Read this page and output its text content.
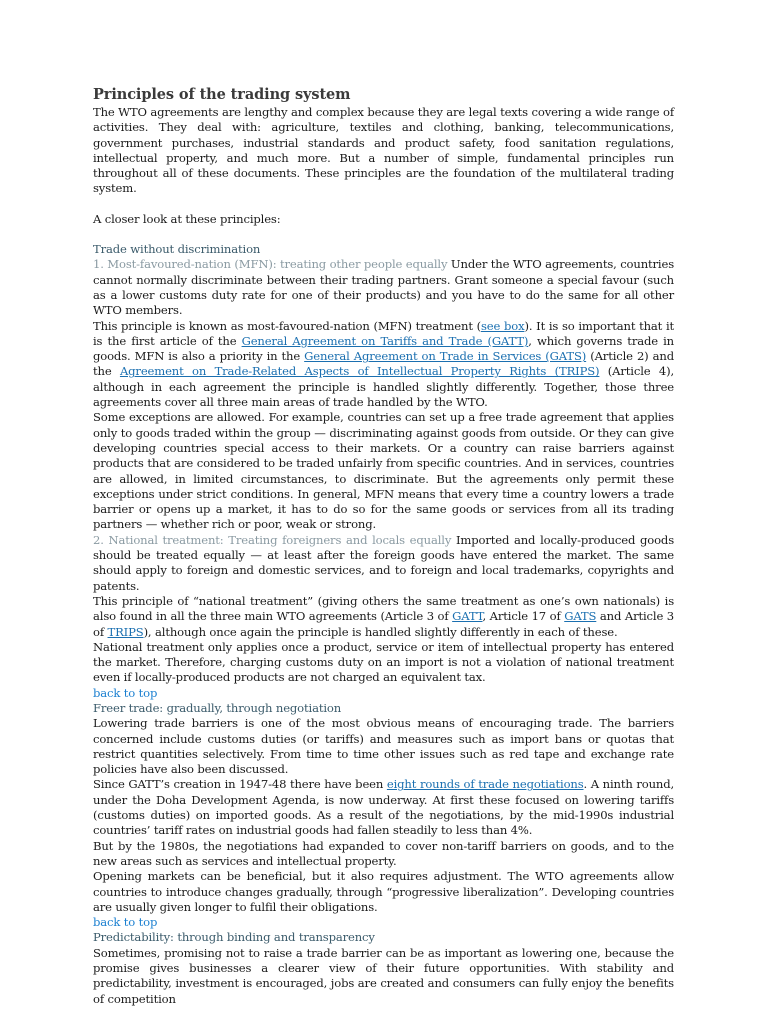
Principles of the trading system

The WTO agreements are lengthy and complex because they are legal texts covering a wide range of activities. They deal with: agriculture, textiles and clothing, banking, telecommunications, government purchases, industrial standards and product safety, food sanitation regulations, intellectual property, and much more. But a number of simple, fundamental principles run throughout all of these documents. These principles are the foundation of the multilateral trading system.

A closer look at these principles:

Trade without discrimination

1. Most-favoured-nation (MFN): treating other people equally Under the WTO agreements, countries cannot normally discriminate between their trading partners. Grant someone a special favour (such as a lower customs duty rate for one of their products) and you have to do the same for all other WTO members.

This principle is known as most-favoured-nation (MFN) treatment (see box). It is so important that it is the first article of the General Agreement on Tariffs and Trade (GATT), which governs trade in goods. MFN is also a priority in the General Agreement on Trade in Services (GATS) (Article 2) and the Agreement on Trade-Related Aspects of Intellectual Property Rights (TRIPS) (Article 4), although in each agreement the principle is handled slightly differently. Together, those three agreements cover all three main areas of trade handled by the WTO.

Some exceptions are allowed. For example, countries can set up a free trade agreement that applies only to goods traded within the group — discriminating against goods from outside. Or they can give developing countries special access to their markets. Or a country can raise barriers against products that are considered to be traded unfairly from specific countries. And in services, countries are allowed, in limited circumstances, to discriminate. But the agreements only permit these exceptions under strict conditions. In general, MFN means that every time a country lowers a trade barrier or opens up a market, it has to do so for the same goods or services from all its trading partners — whether rich or poor, weak or strong.

2. National treatment: Treating foreigners and locals equally Imported and locally-produced goods should be treated equally — at least after the foreign goods have entered the market. The same should apply to foreign and domestic services, and to foreign and local trademarks, copyrights and patents.

This principle of “national treatment” (giving others the same treatment as one’s own nationals) is also found in all the three main WTO agreements (Article 3 of GATT, Article 17 of GATS and Article 3 of TRIPS), although once again the principle is handled slightly differently in each of these.

National treatment only applies once a product, service or item of intellectual property has entered the market. Therefore, charging customs duty on an import is not a violation of national treatment even if locally-produced products are not charged an equivalent tax.

back to top
Freer trade: gradually, through negotiation

Lowering trade barriers is one of the most obvious means of encouraging trade. The barriers concerned include customs duties (or tariffs) and measures such as import bans or quotas that restrict quantities selectively. From time to time other issues such as red tape and exchange rate policies have also been discussed.

Since GATT’s creation in 1947-48 there have been eight rounds of trade negotiations. A ninth round, under the Doha Development Agenda, is now underway. At first these focused on lowering tariffs (customs duties) on imported goods. As a result of the negotiations, by the mid-1990s industrial countries’ tariff rates on industrial goods had fallen steadily to less than 4%.

But by the 1980s, the negotiations had expanded to cover non-tariff barriers on goods, and to the new areas such as services and intellectual property.

Opening markets can be beneficial, but it also requires adjustment. The WTO agreements allow countries to introduce changes gradually, through “progressive liberalization”. Developing countries are usually given longer to fulfil their obligations.

back to top
Predictability: through binding and transparency

Sometimes, promising not to raise a trade barrier can be as important as lowering one, because the promise gives businesses a clearer view of their future opportunities. With stability and predictability, investment is encouraged, jobs are created and consumers can fully enjoy the benefits of competition
